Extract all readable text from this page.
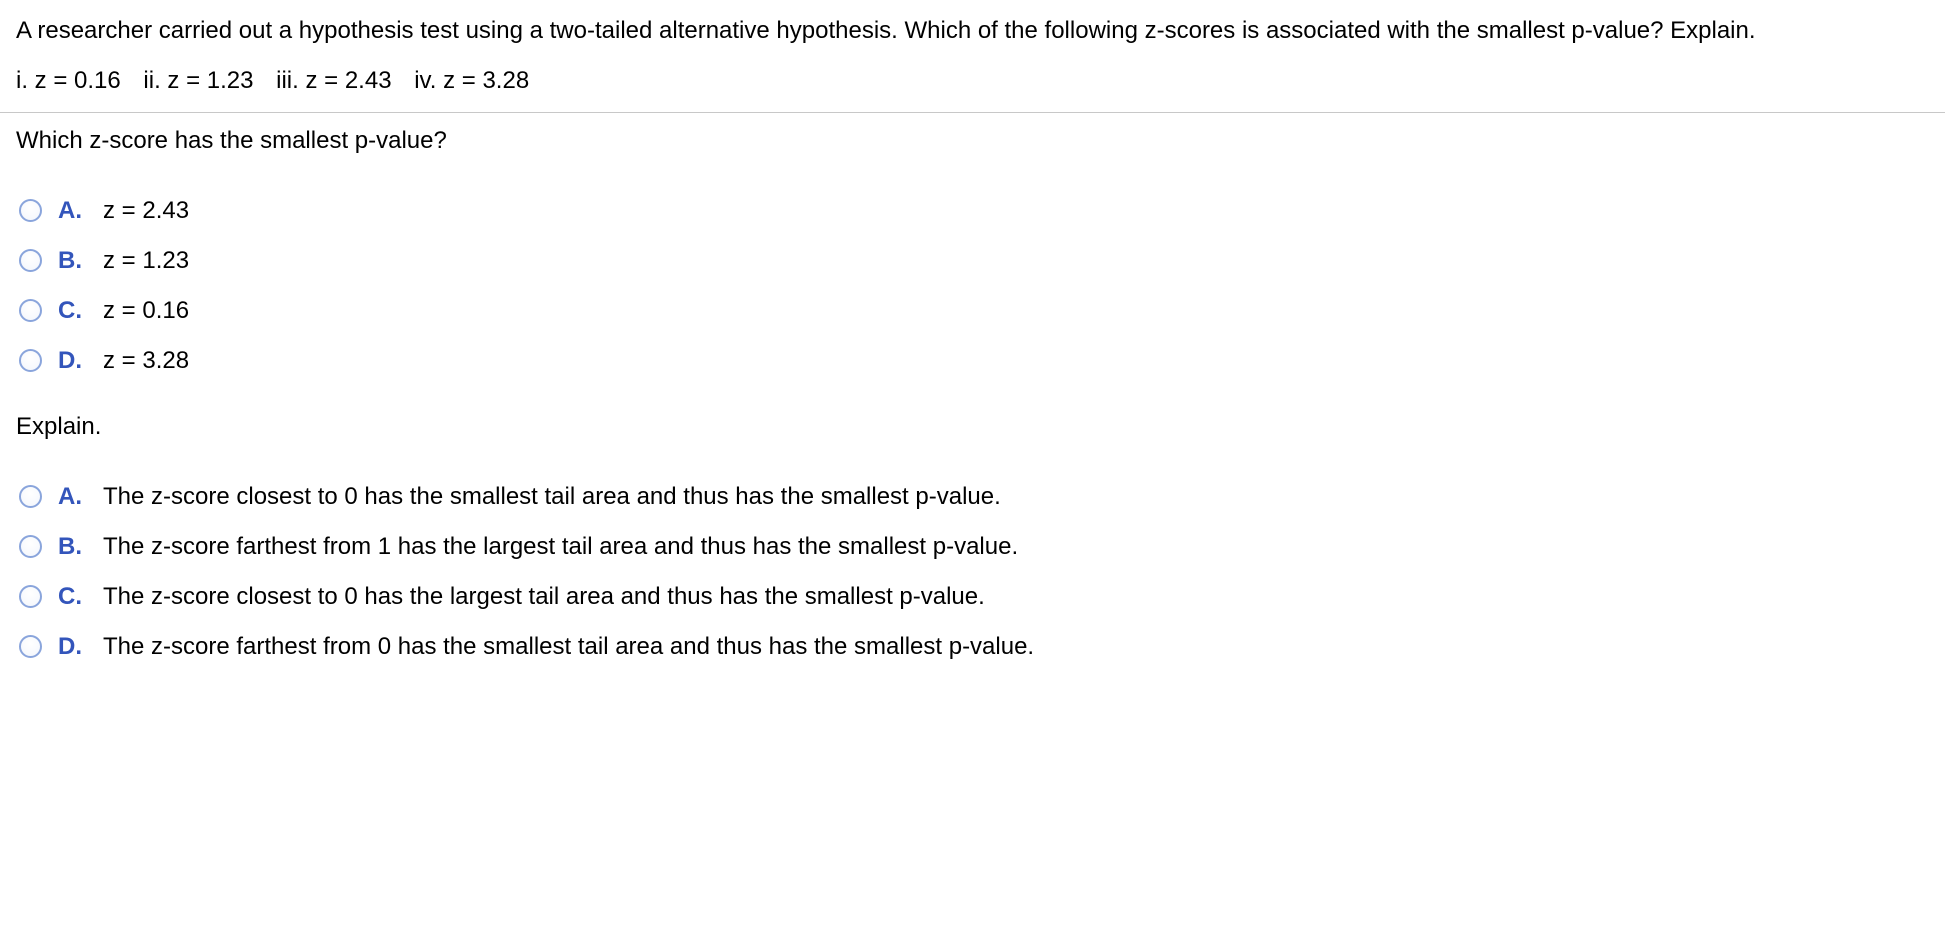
A researcher carried out a hypothesis test using a two-tailed alternative hypothesis. Which of the following z-scores is associated with the smallest p-value? Explain.
i. z = 0.16 ii. z = 1.23 iii. z = 2.43 iv. z = 3.28
Which z-score has the smallest p-value?
A. z = 2.43
B. z = 1.23
C. z = 0.16
D. z = 3.28
Explain.
A. The z-score closest to 0 has the smallest tail area and thus has the smallest p-value.
B. The z-score farthest from 1 has the largest tail area and thus has the smallest p-value.
C. The z-score closest to 0 has the largest tail area and thus has the smallest p-value.
D. The z-score farthest from 0 has the smallest tail area and thus has the smallest p-value.
